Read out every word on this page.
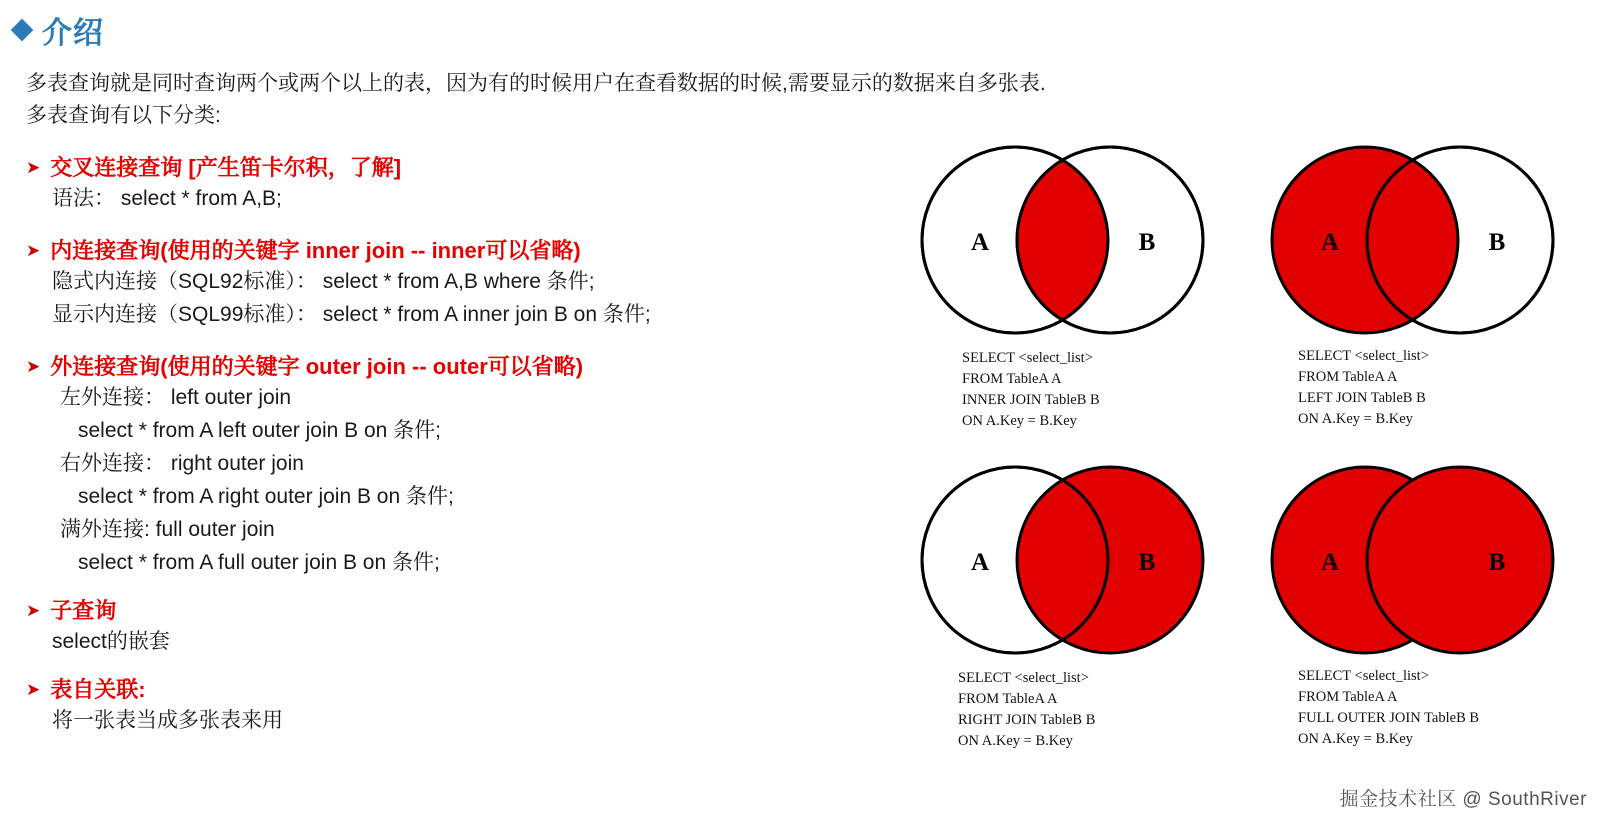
介绍
多表查询就是同时查询两个或两个以上的表，因为有的时候用户在查看数据的时候,需要显示的数据来自多张表.
多表查询有以下分类:
➤ 交叉连接查询 [产生笛卡尔积，了解]
语法： select * from A,B;
➤ 内连接查询(使用的关键字 inner join -- inner可以省略)
隐式内连接（SQL92标准）： select * from A,B where 条件;
显示内连接（SQL99标准）： select * from A inner join B on 条件;
➤ 外连接查询(使用的关键字 outer join -- outer可以省略)
左外连接： left outer join
select * from A left outer join B on 条件;
右外连接： right outer join
select * from A right outer join B on 条件;
满外连接: full outer join
select * from A full outer join B on 条件;
➤ 子查询
select的嵌套
➤ 表自关联:
将一张表当成多张表来用
A	B
SELECT <select_list>
FROM TableA A
INNER JOIN TableB B
ON A.Key = B.Key
A	B
SELECT <select_list>
FROM TableA A
LEFT JOIN TableB B
ON A.Key = B.Key
A	B
SELECT <select_list>
FROM TableA A
RIGHT JOIN TableB B
ON A.Key = B.Key
A	B
SELECT <select_list>
FROM TableA A
FULL OUTER JOIN TableB B
ON A.Key = B.Key
掘金技术社区 @ SouthRiver
